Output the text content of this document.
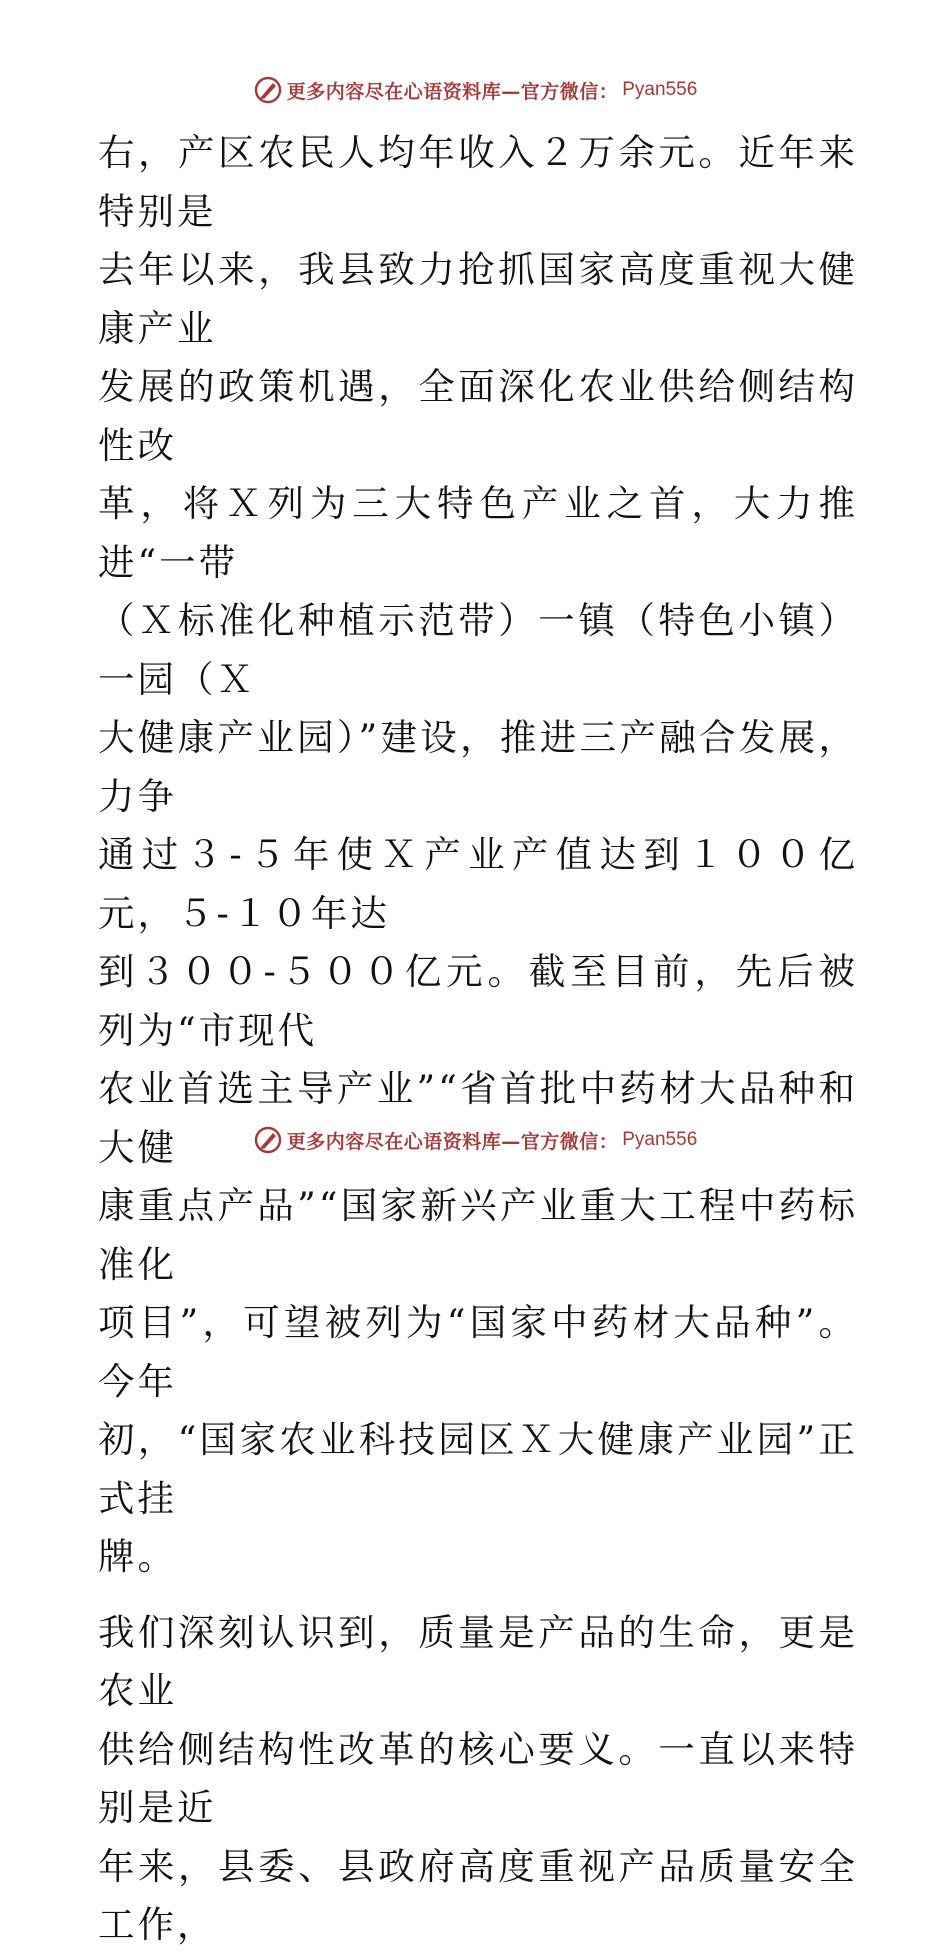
更多内容尽在心语资料库—官方微信： Pyan556

右，产区农民人均年收入２万余元。近年来特别是
去年以来，我县致力抢抓国家高度重视大健康产业
发展的政策机遇，全面深化农业供给侧结构性改
革，将Ｘ列为三大特色产业之首，大力推进“一带
（Ｘ标准化种植示范带）一镇（特色小镇）一园（Ｘ
大健康产业园）”建设，推进三产融合发展，力争
通过３-５年使Ｘ产业产值达到１００亿元，５-１０年达
到３００-５００亿元。截至目前，先后被列为“市现代
农业首选主导产业”“省首批中药材大品种和大健
康重点产品”“国家新兴产业重大工程中药标准化
项目”，可望被列为“国家中药材大品种”。今年
初，“国家农业科技园区Ｘ大健康产业园”正式挂
牌。

我们深刻认识到，质量是产品的生命，更是农业
供给侧结构性改革的核心要义。一直以来特别是近
年来，县委、县政府高度重视产品质量安全工作，

更多内容尽在心语资料库—官方微信： Pyan556
